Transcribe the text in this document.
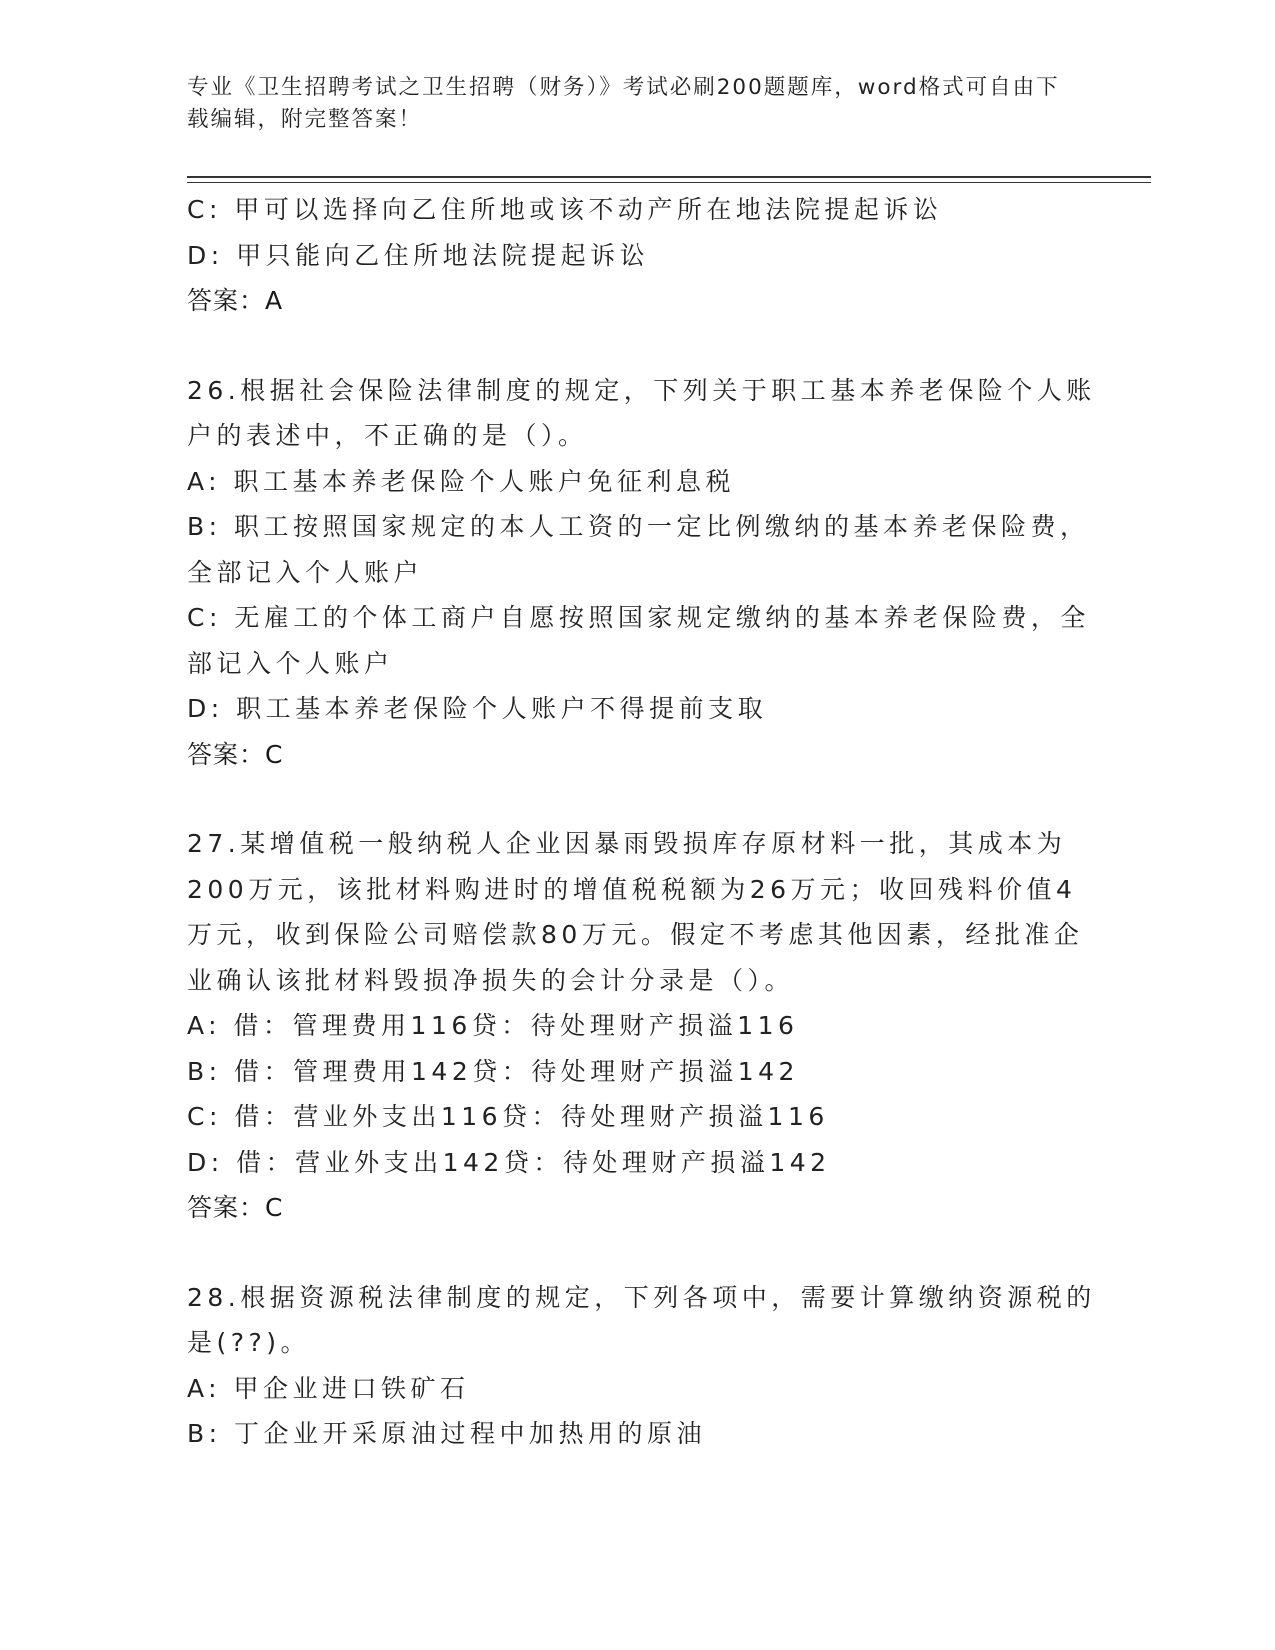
专业《卫生招聘考试之卫生招聘（财务）》考试必刷200题题库，word格式可自由下载编辑，附完整答案！
C: 甲可以选择向乙住所地或该不动产所在地法院提起诉讼
D: 甲只能向乙住所地法院提起诉讼
答案：A
26.根据社会保险法律制度的规定，下列关于职工基本养老保险个人账
户的表述中，不正确的是（）。
A: 职工基本养老保险个人账户免征利息税
B: 职工按照国家规定的本人工资的一定比例缴纳的基本养老保险费，
全部记入个人账户
C: 无雇工的个体工商户自愿按照国家规定缴纳的基本养老保险费，全
部记入个人账户
D: 职工基本养老保险个人账户不得提前支取
答案：C
27.某增值税一般纳税人企业因暴雨毁损库存原材料一批，其成本为
200万元，该批材料购进时的增值税税额为26万元；收回残料价值4
万元，收到保险公司赔偿款80万元。假定不考虑其他因素，经批准企
业确认该批材料毁损净损失的会计分录是（）。
A: 借：管理费用116贷：待处理财产损溢116
B: 借：管理费用142贷：待处理财产损溢142
C: 借：营业外支出116贷：待处理财产损溢116
D: 借：营业外支出142贷：待处理财产损溢142
答案：C
28.根据资源税法律制度的规定，下列各项中，需要计算缴纳资源税的
是(??)。
A: 甲企业进口铁矿石
B: 丁企业开采原油过程中加热用的原油
